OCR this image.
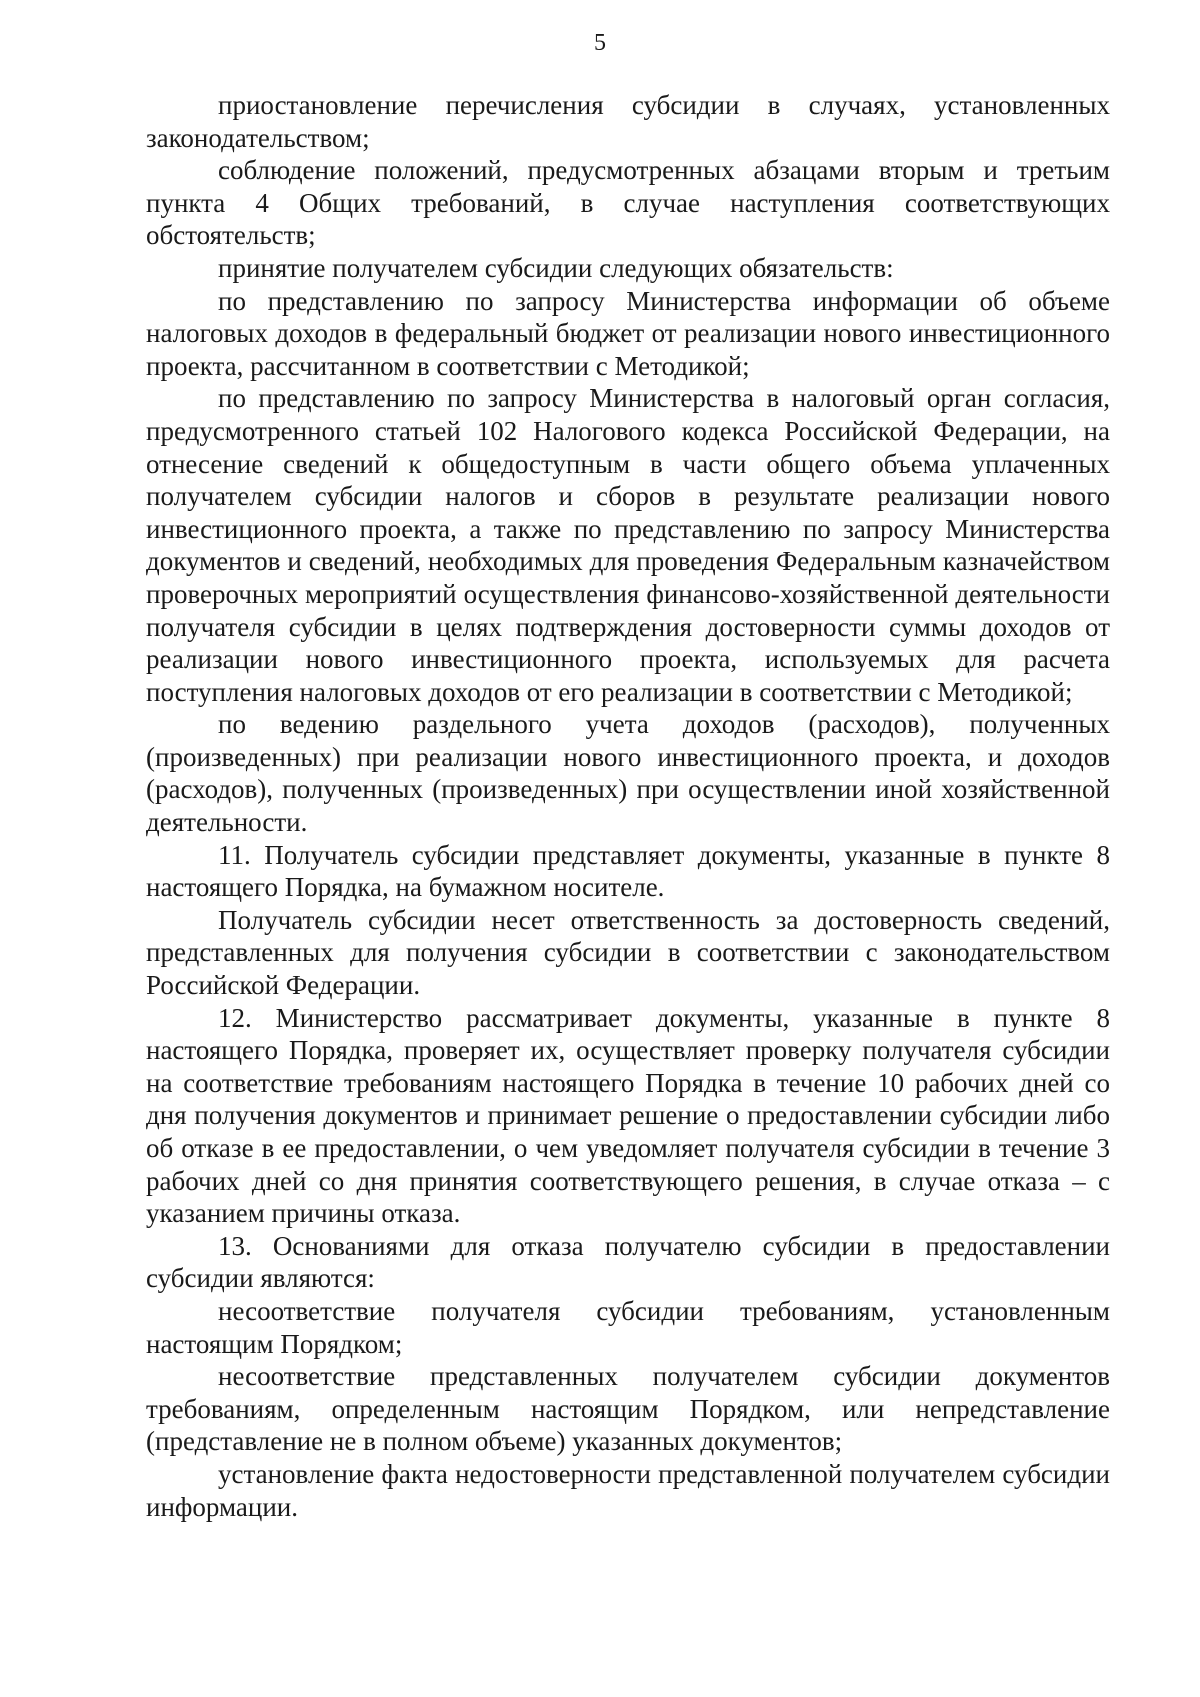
5

приостановление перечисления субсидии в случаях, установленных законодательством;

соблюдение положений, предусмотренных абзацами вторым и третьим пункта 4 Общих требований, в случае наступления соответствующих обстоятельств;

принятие получателем субсидии следующих обязательств:

по представлению по запросу Министерства информации об объеме налоговых доходов в федеральный бюджет от реализации нового инвестиционного проекта, рассчитанном в соответствии с Методикой;

по представлению по запросу Министерства в налоговый орган согласия, предусмотренного статьей 102 Налогового кодекса Российской Федерации, на отнесение сведений к общедоступным в части общего объема уплаченных получателем субсидии налогов и сборов в результате реализации нового инвестиционного проекта, а также по представлению по запросу Министерства документов и сведений, необходимых для проведения Федеральным казначейством проверочных мероприятий осуществления финансово-хозяйственной деятельности получателя субсидии в целях подтверждения достоверности суммы доходов от реализации нового инвестиционного проекта, используемых для расчета поступления налоговых доходов от его реализации в соответствии с Методикой;

по ведению раздельного учета доходов (расходов), полученных (произведенных) при реализации нового инвестиционного проекта, и доходов (расходов), полученных (произведенных) при осуществлении иной хозяйственной деятельности.

11. Получатель субсидии представляет документы, указанные в пункте 8 настоящего Порядка, на бумажном носителе.

Получатель субсидии несет ответственность за достоверность сведений, представленных для получения субсидии в соответствии с законодательством Российской Федерации.

12. Министерство рассматривает документы, указанные в пункте 8 настоящего Порядка, проверяет их, осуществляет проверку получателя субсидии на соответствие требованиям настоящего Порядка в течение 10 рабочих дней со дня получения документов и принимает решение о предоставлении субсидии либо об отказе в ее предоставлении, о чем уведомляет получателя субсидии в течение 3 рабочих дней со дня принятия соответствующего решения, в случае отказа – с указанием причины отказа.

13. Основаниями для отказа получателю субсидии в предоставлении субсидии являются:

несоответствие получателя субсидии требованиям, установленным настоящим Порядком;

несоответствие представленных получателем субсидии документов требованиям, определенным настоящим Порядком, или непредставление (представление не в полном объеме) указанных документов;

установление факта недостоверности представленной получателем субсидии информации.
